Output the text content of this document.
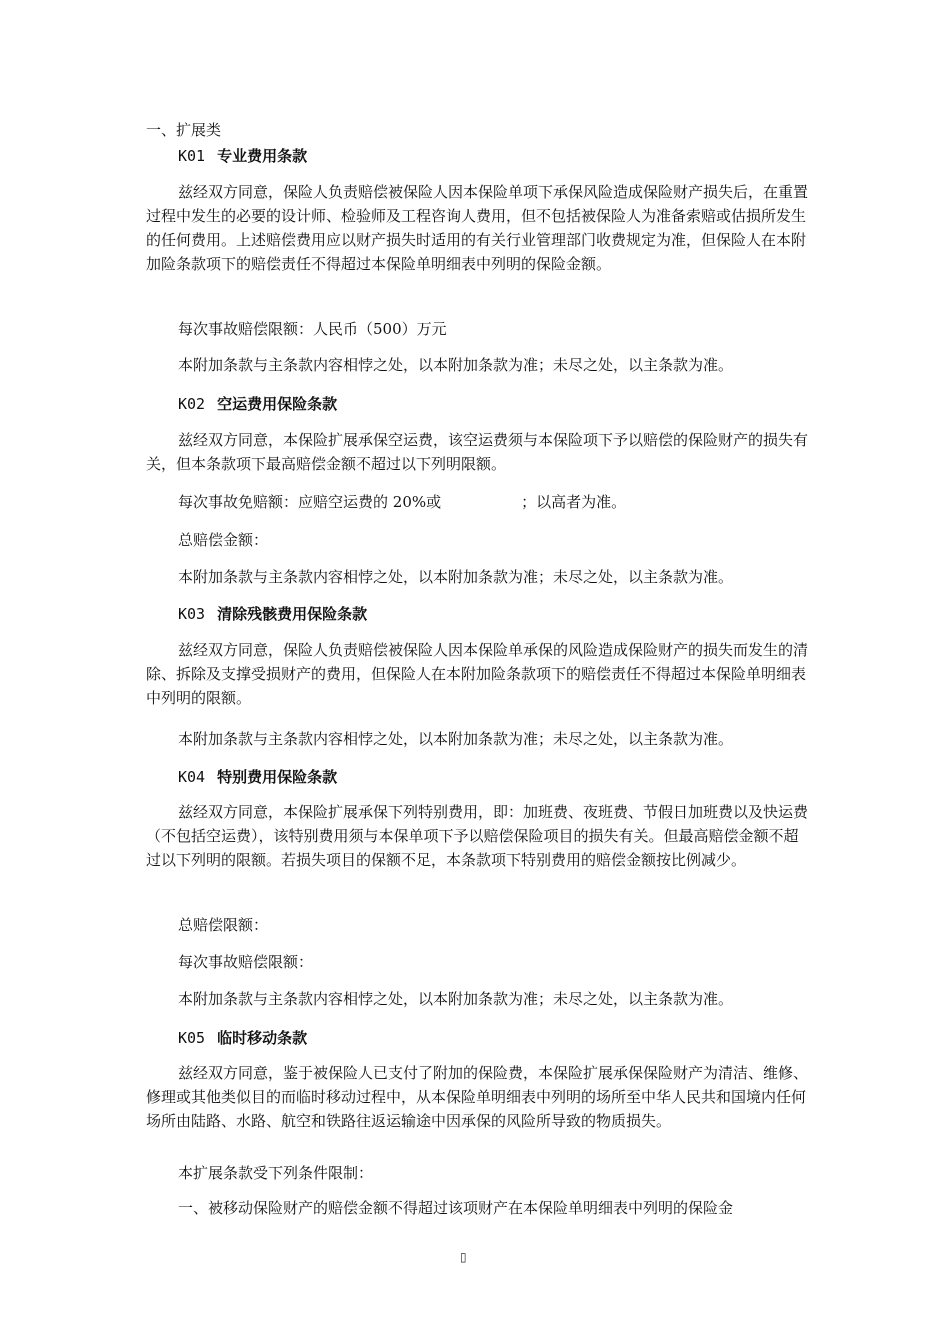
一、扩展类
K01 专业费用条款
兹经双方同意，保险人负责赔偿被保险人因本保险单项下承保风险造成保险财产损失后，在重置过程中发生的必要的设计师、检验师及工程咨询人费用，但不包括被保险人为准备索赔或估损所发生的任何费用。上述赔偿费用应以财产损失时适用的有关行业管理部门收费规定为准，但保险人在本附加险条款项下的赔偿责任不得超过本保险单明细表中列明的保险金额。
每次事故赔偿限额：人民币（500）万元
本附加条款与主条款内容相悖之处，以本附加条款为准；未尽之处，以主条款为准。
K02 空运费用保险条款
兹经双方同意，本保险扩展承保空运费，该空运费须与本保险项下予以赔偿的保险财产的损失有关，但本条款项下最高赔偿金额不超过以下列明限额。
每次事故免赔额：应赔空运费的 20%或	；以高者为准。
总赔偿金额：
本附加条款与主条款内容相悖之处，以本附加条款为准；未尽之处，以主条款为准。
K03 清除残骸费用保险条款
兹经双方同意，保险人负责赔偿被保险人因本保险单承保的风险造成保险财产的损失而发生的清除、拆除及支撑受损财产的费用，但保险人在本附加险条款项下的赔偿责任不得超过本保险单明细表中列明的限额。
本附加条款与主条款内容相悖之处，以本附加条款为准；未尽之处，以主条款为准。
K04 特别费用保险条款
兹经双方同意，本保险扩展承保下列特别费用，即：加班费、夜班费、节假日加班费以及快运费（不包括空运费），该特别费用须与本保单项下予以赔偿保险项目的损失有关。但最高赔偿金额不超过以下列明的限额。若损失项目的保额不足，本条款项下特别费用的赔偿金额按比例减少。
总赔偿限额：
每次事故赔偿限额：
本附加条款与主条款内容相悖之处，以本附加条款为准；未尽之处，以主条款为准。
K05 临时移动条款
兹经双方同意，鉴于被保险人已支付了附加的保险费，本保险扩展承保保险财产为清洁、维修、修理或其他类似目的而临时移动过程中，从本保险单明细表中列明的场所至中华人民共和国境内任何场所由陆路、水路、航空和铁路往返运输途中因承保的风险所导致的物质损失。
本扩展条款受下列条件限制：
一、被移动保险财产的赔偿金额不得超过该项财产在本保险单明细表中列明的保险金
▯
